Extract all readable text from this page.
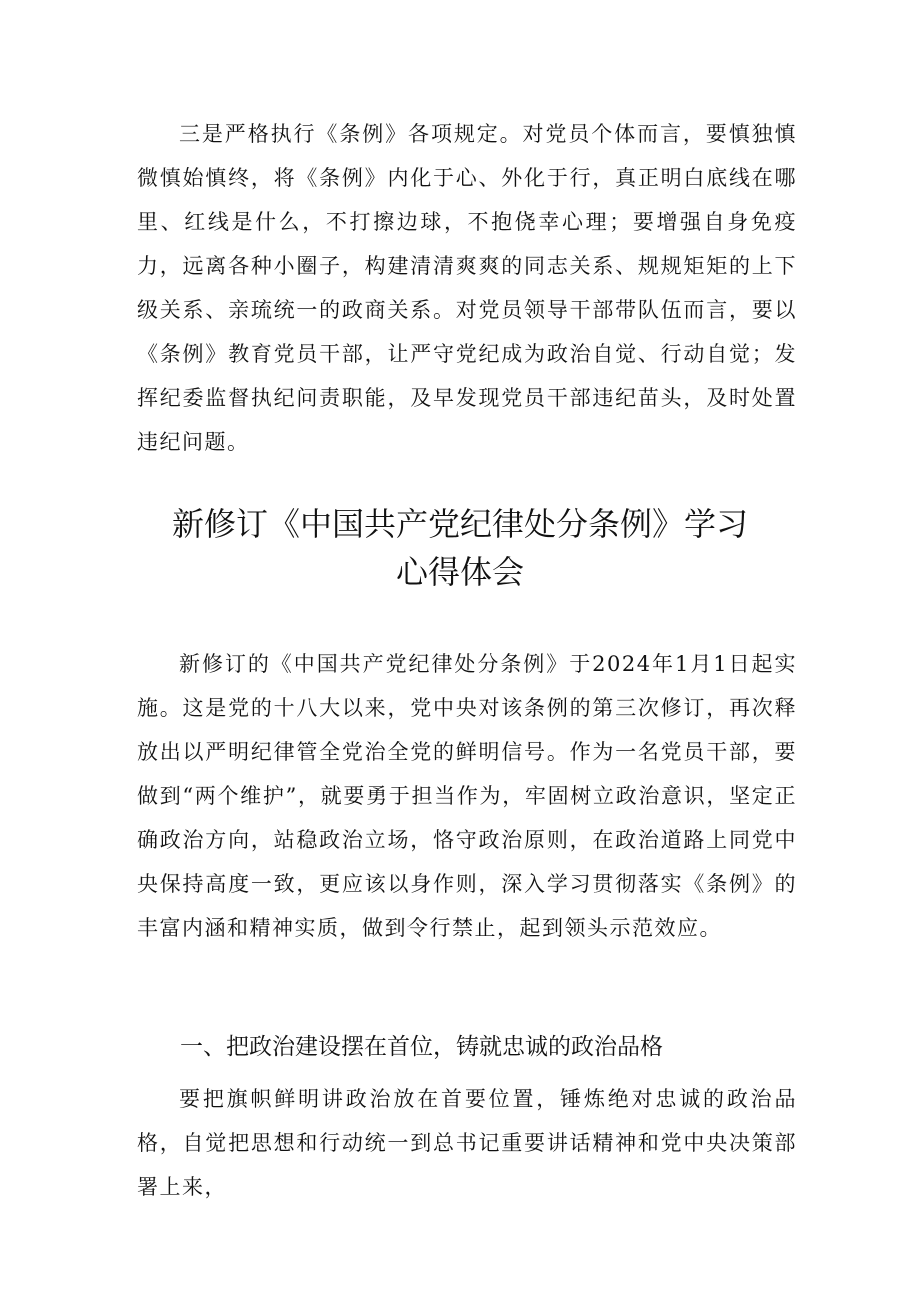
三是严格执行《条例》各项规定。对党员个体而言，要慎独慎微慎始慎终，将《条例》内化于心、外化于行，真正明白底线在哪里、红线是什么，不打擦边球，不抱侥幸心理；要增强自身免疫力，远离各种小圈子，构建清清爽爽的同志关系、规规矩矩的上下级关系、亲琉统一的政商关系。对党员领导干部带队伍而言，要以《条例》教育党员干部，让严守党纪成为政治自觉、行动自觉；发挥纪委监督执纪问责职能，及早发现党员干部违纪苗头，及时处置违纪问题。

新修订《中国共产党纪律处分条例》学习
心得体会

新修订的《中国共产党纪律处分条例》于2024年1月1日起实施。这是党的十八大以来，党中央对该条例的第三次修订，再次释放出以严明纪律管全党治全党的鲜明信号。作为一名党员干部，要做到“两个维护”，就要勇于担当作为，牢固树立政治意识，坚定正确政治方向，站稳政治立场，恪守政治原则，在政治道路上同党中央保持高度一致，更应该以身作则，深入学习贯彻落实《条例》的丰富内涵和精神实质，做到令行禁止，起到领头示范效应。

一、把政治建设摆在首位，铸就忠诚的政治品格

要把旗帜鲜明讲政治放在首要位置，锤炼绝对忠诚的政治品格，自觉把思想和行动统一到总书记重要讲话精神和党中央决策部署上来，
